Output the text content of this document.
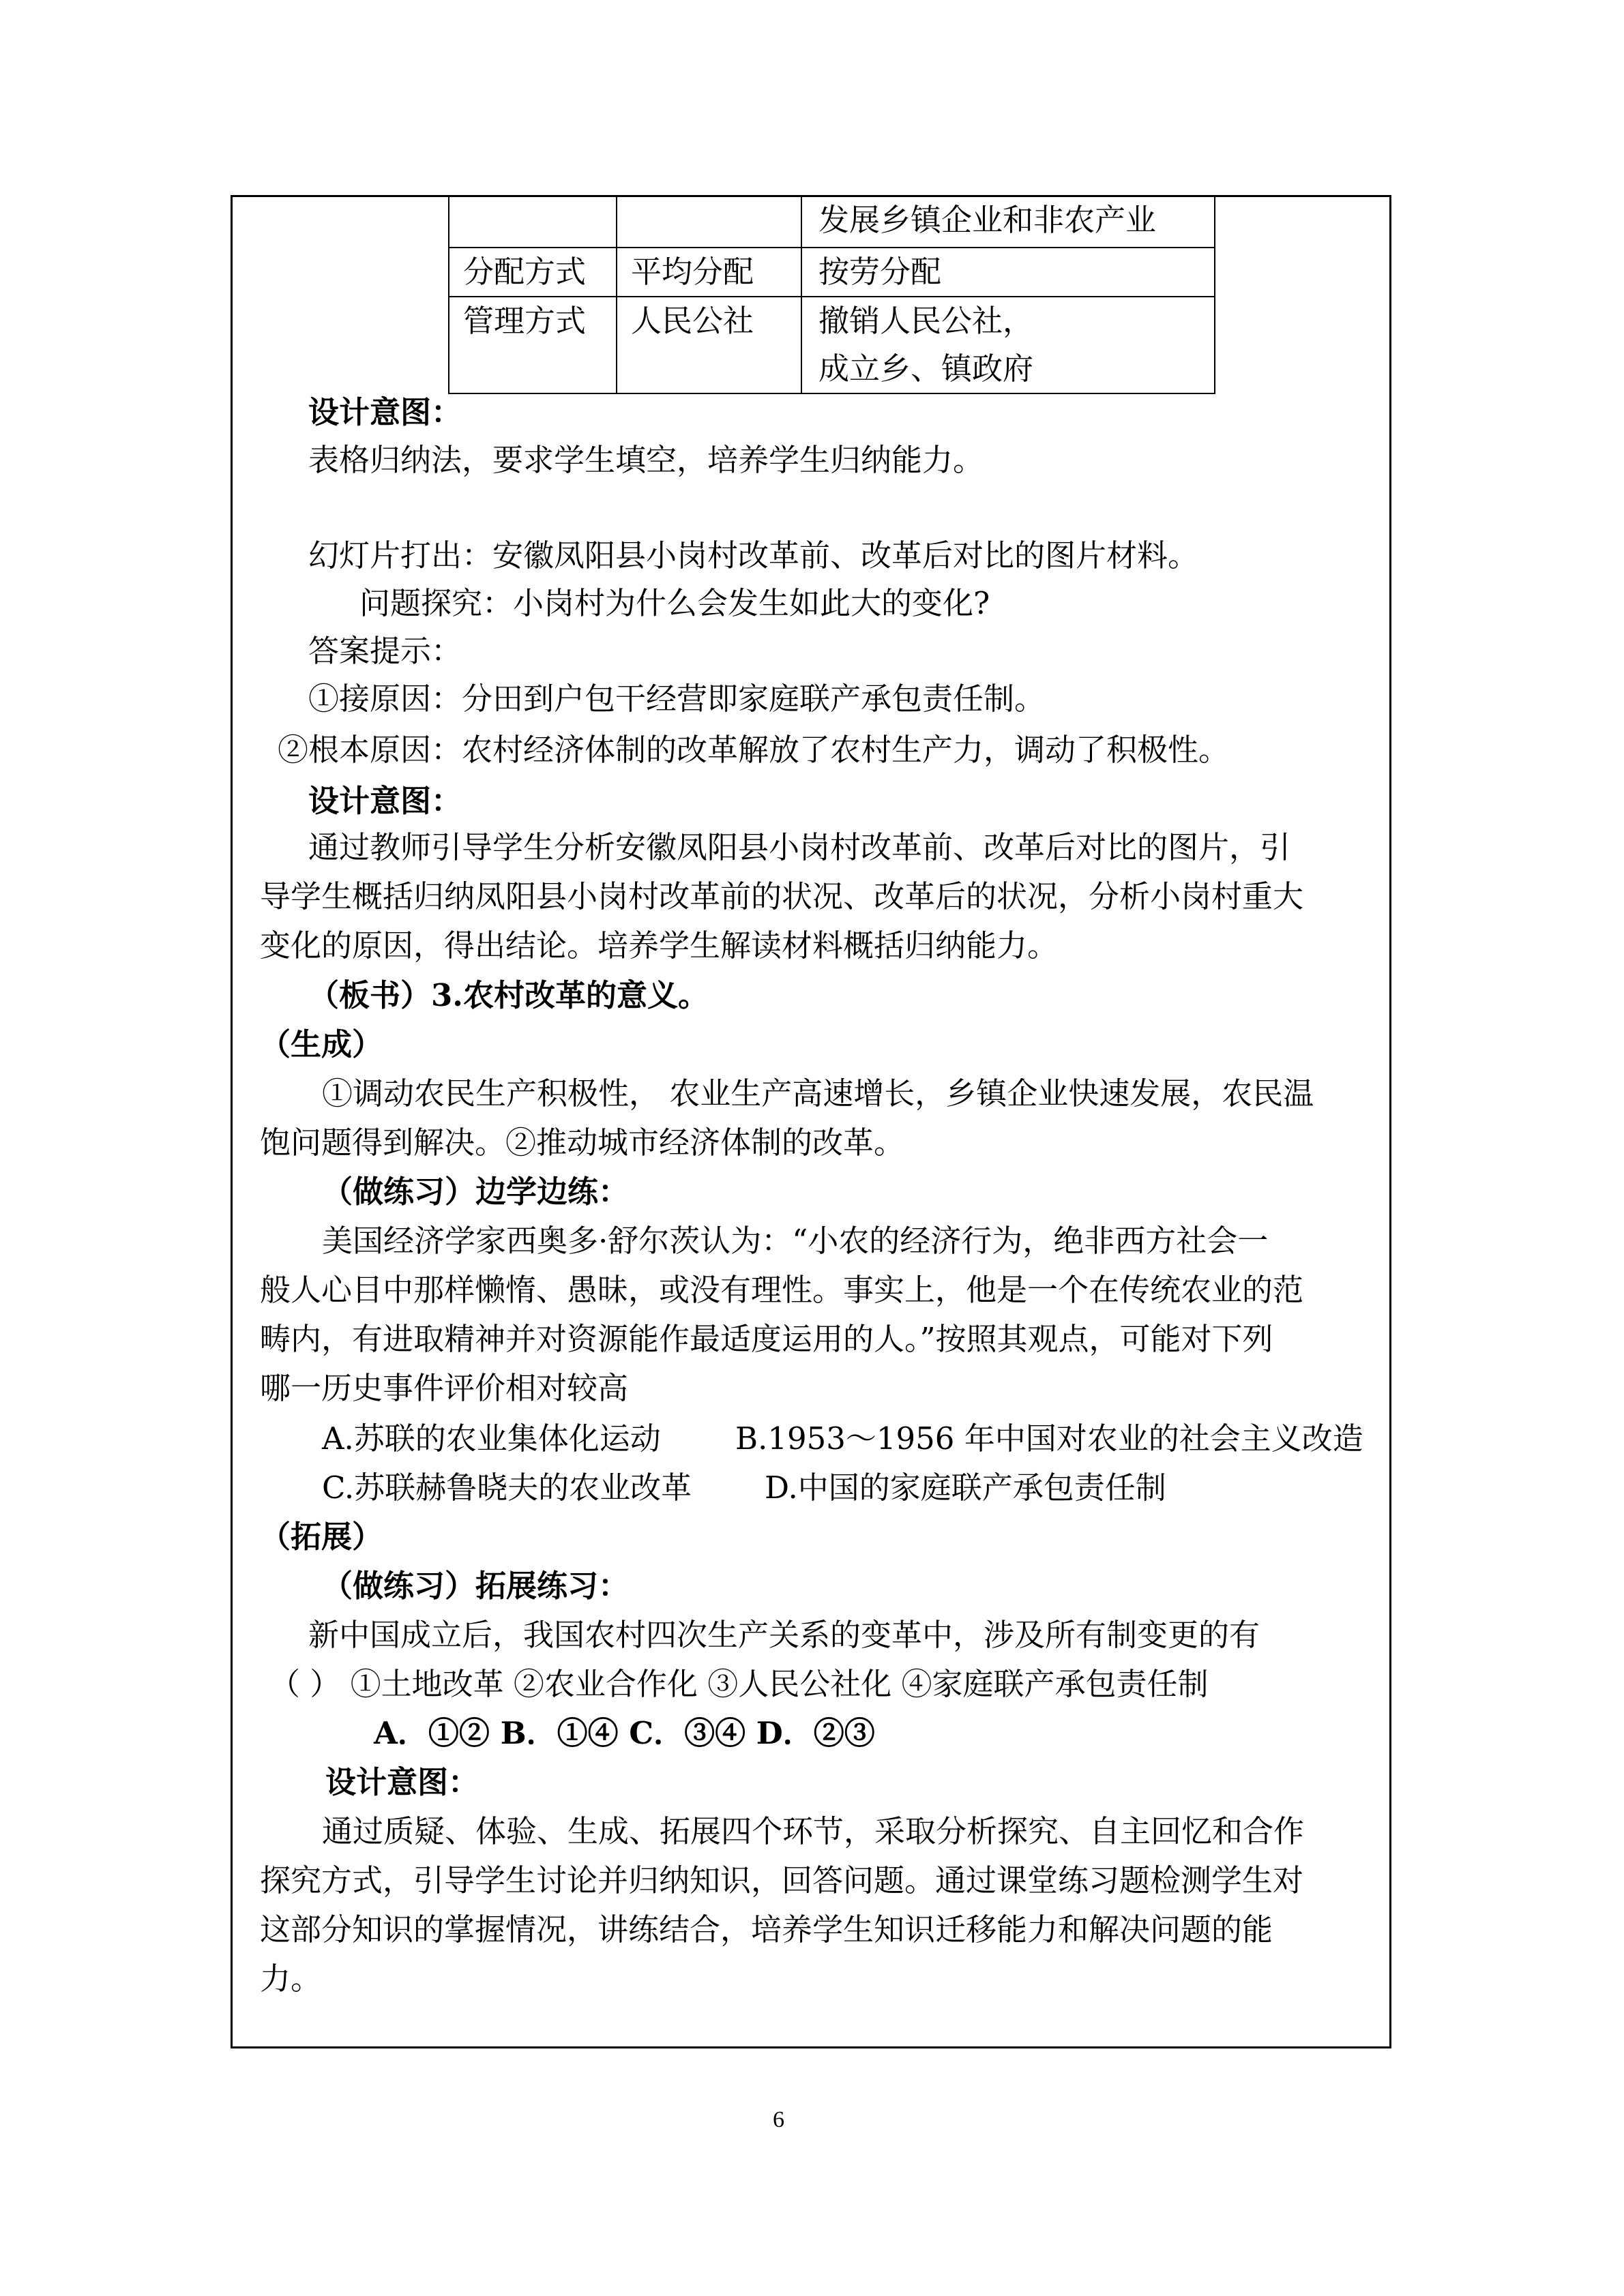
		发展乡镇企业和非农产业
分配方式	平均分配	按劳分配
管理方式	人民公社	撤销人民公社，
成立乡、镇政府
设计意图：
表格归纳法，要求学生填空，培养学生归纳能力。
幻灯片打出：安徽凤阳县小岗村改革前、改革后对比的图片材料。
问题探究：小岗村为什么会发生如此大的变化?
答案提示：
①接原因：分田到户包干经营即家庭联产承包责任制。
②根本原因：农村经济体制的改革解放了农村生产力，调动了积极性。
设计意图：
通过教师引导学生分析安徽凤阳县小岗村改革前、改革后对比的图片，引
导学生概括归纳凤阳县小岗村改革前的状况、改革后的状况，分析小岗村重大
变化的原因，得出结论。培养学生解读材料概括归纳能力。
（板书）3.农村改革的意义。
（生成）
①调动农民生产积极性， 农业生产高速增长，乡镇企业快速发展，农民温
饱问题得到解决。②推动城市经济体制的改革。
（做练习）边学边练：
美国经济学家西奥多·舒尔茨认为：“小农的经济行为，绝非西方社会一
般人心目中那样懒惰、愚昧，或没有理性。事实上，他是一个在传统农业的范
畴内，有进取精神并对资源能作最适度运用的人。”按照其观点，可能对下列
哪一历史事件评价相对较高
A.苏联的农业集体化运动 B.1953～1956 年中国对农业的社会主义改造
C.苏联赫鲁晓夫的农业改革 D.中国的家庭联产承包责任制
（拓展）
（做练习）拓展练习：
新中国成立后，我国农村四次生产关系的变革中，涉及所有制变更的有
（ ） ①土地改革 ②农业合作化 ③人民公社化 ④家庭联产承包责任制
A．①② B．①④ C．③④ D．②③
设计意图：
通过质疑、体验、生成、拓展四个环节，采取分析探究、自主回忆和合作
探究方式，引导学生讨论并归纳知识，回答问题。通过课堂练习题检测学生对
这部分知识的掌握情况，讲练结合，培养学生知识迁移能力和解决问题的能
力。
6
